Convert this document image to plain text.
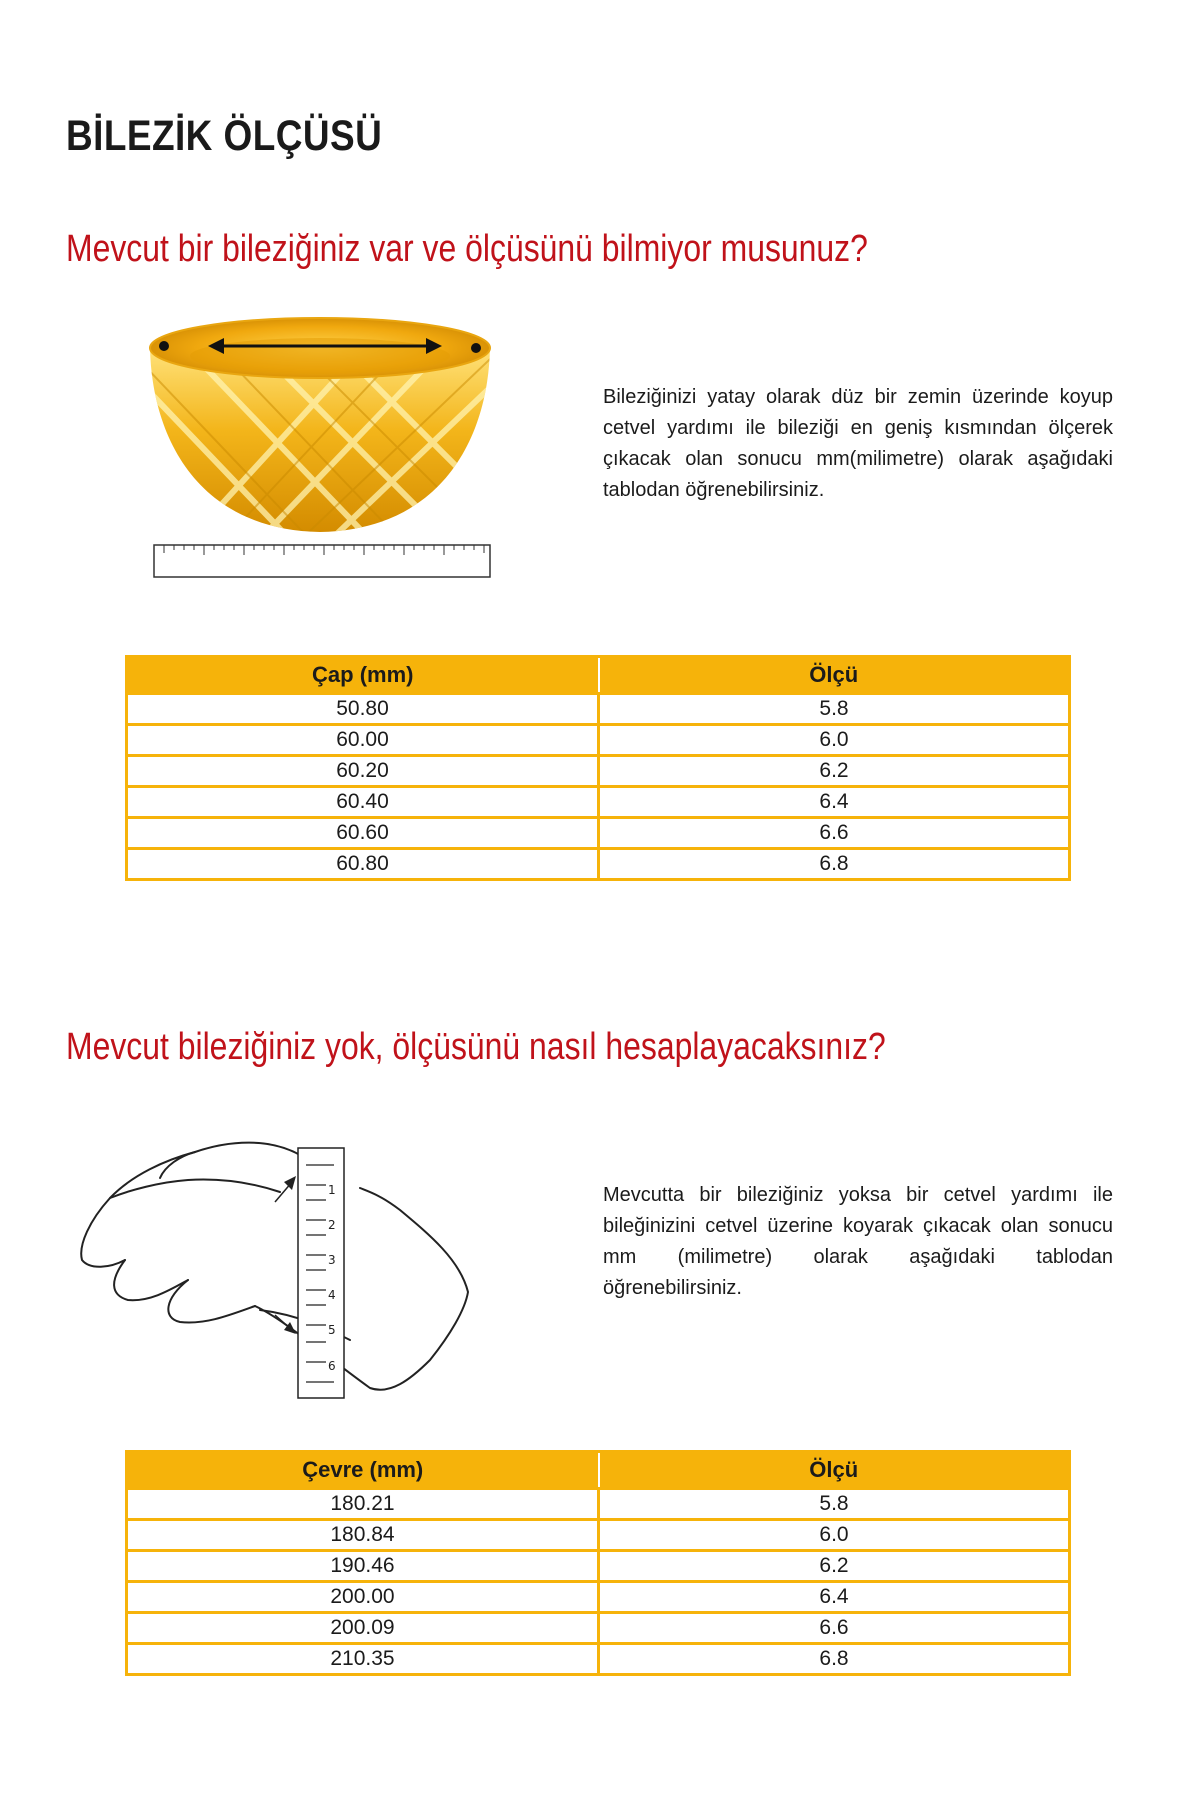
BİLEZİK ÖLÇÜSÜ
Mevcut bir bileziğiniz var ve ölçüsünü bilmiyor musunuz?

Bileziğinizi yatay olarak düz bir zemin üzerinde koyup cetvel yardımı ile bileziği en geniş kısmından ölçerek çıkacak olan sonucu mm(milimetre) olarak aşağıdaki tablodan öğrenebilirsiniz.

Çap (mm)	Ölçü
50.80	5.8
60.00	6.0
60.20	6.2
60.40	6.4
60.60	6.6
60.80	6.8
Mevcut bileziğiniz yok, ölçüsünü nasıl hesaplayacaksınız?
1
2
3
4
5
6

Mevcutta bir bileziğiniz yoksa bir cetvel yardımı ile bileğinizini cetvel üzerine koyarak çıkacak olan sonucu mm (milimetre) olarak aşağıdaki tablodan öğrenebilirsiniz.

Çevre (mm)	Ölçü
180.21	5.8
180.84	6.0
190.46	6.2
200.00	6.4
200.09	6.6
210.35	6.8
